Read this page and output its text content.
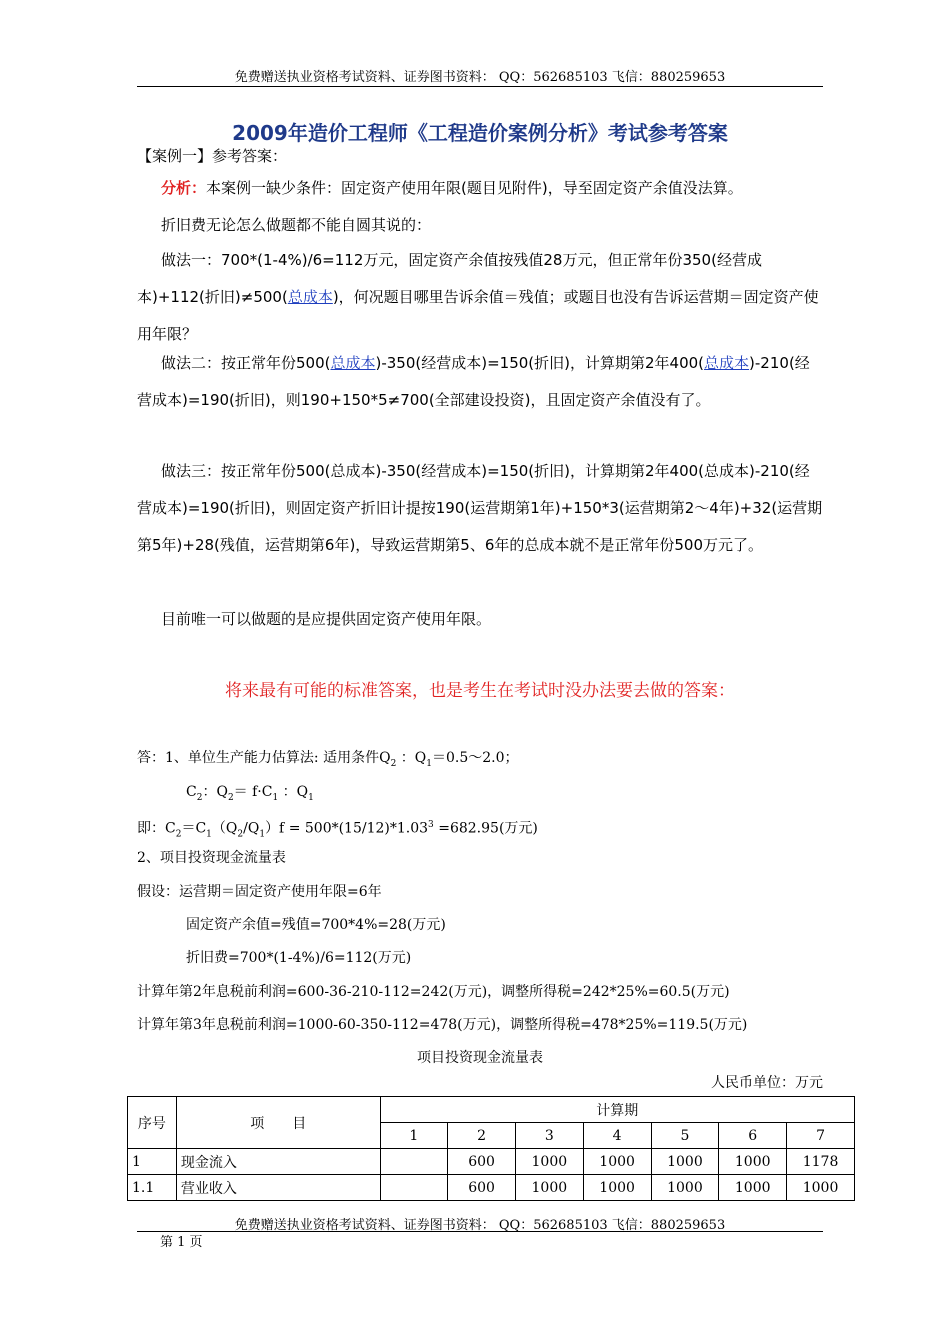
免费赠送执业资格考试资料、证券图书资料： QQ：562685103 飞信：880259653
2009年造价工程师《工程造价案例分析》考试参考答案
【案例一】参考答案：
分析：本案例一缺少条件：固定资产使用年限(题目见附件)，导至固定资产余值没法算。
折旧费无论怎么做题都不能自圆其说的：
做法一：700*(1-4%)/6=112万元，固定资产余值按残值28万元，但正常年份350(经营成本)+112(折旧)≠500(总成本)，何况题目哪里告诉余值＝残值；或题目也没有告诉运营期＝固定资产使用年限？
做法二：按正常年份500(总成本)-350(经营成本)=150(折旧)，计算期第2年400(总成本)-210(经营成本)=190(折旧)，则190+150*5≠700(全部建设投资)，且固定资产余值没有了。
做法三：按正常年份500(总成本)-350(经营成本)=150(折旧)，计算期第2年400(总成本)-210(经营成本)=190(折旧)，则固定资产折旧计提按190(运营期第1年)+150*3(运营期第2～4年)+32(运营期第5年)+28(残值，运营期第6年)，导致运营期第5、6年的总成本就不是正常年份500万元了。
目前唯一可以做题的是应提供固定资产使用年限。
将来最有可能的标准答案，也是考生在考试时没办法要去做的答案：
答：1、单位生产能力估算法: 适用条件$Q_2$ ：$Q_1=0.5\sim 2.0$；
$C_2$：$Q_2= f\cdot C_1$ ：$Q_1$
即：$C_2=C_1(Q_2/Q_1)f = 500*(15/12)*1.03^3 =682.95$(万元)
2、项目投资现金流量表
假设：运营期＝固定资产使用年限=6年
固定资产余值=残值=700*4%=28(万元)
折旧费=700*(1-4%)/6=112(万元)
计算年第2年息税前利润=600-36-210-112=242(万元)，调整所得税=242*25%=60.5(万元)
计算年第3年息税前利润=1000-60-350-112=478(万元)，调整所得税=478*25%=119.5(万元)
项目投资现金流量表
人民币单位：万元
序号	项　　目	计算期						
		1	2	3	4	5	6	7
1	现金流入		600	1000	1000	1000	1000	1178
1.1	营业收入		600	1000	1000	1000	1000	1000
免费赠送执业资格考试资料、证券图书资料： QQ：562685103 飞信：880259653
第 1 页
